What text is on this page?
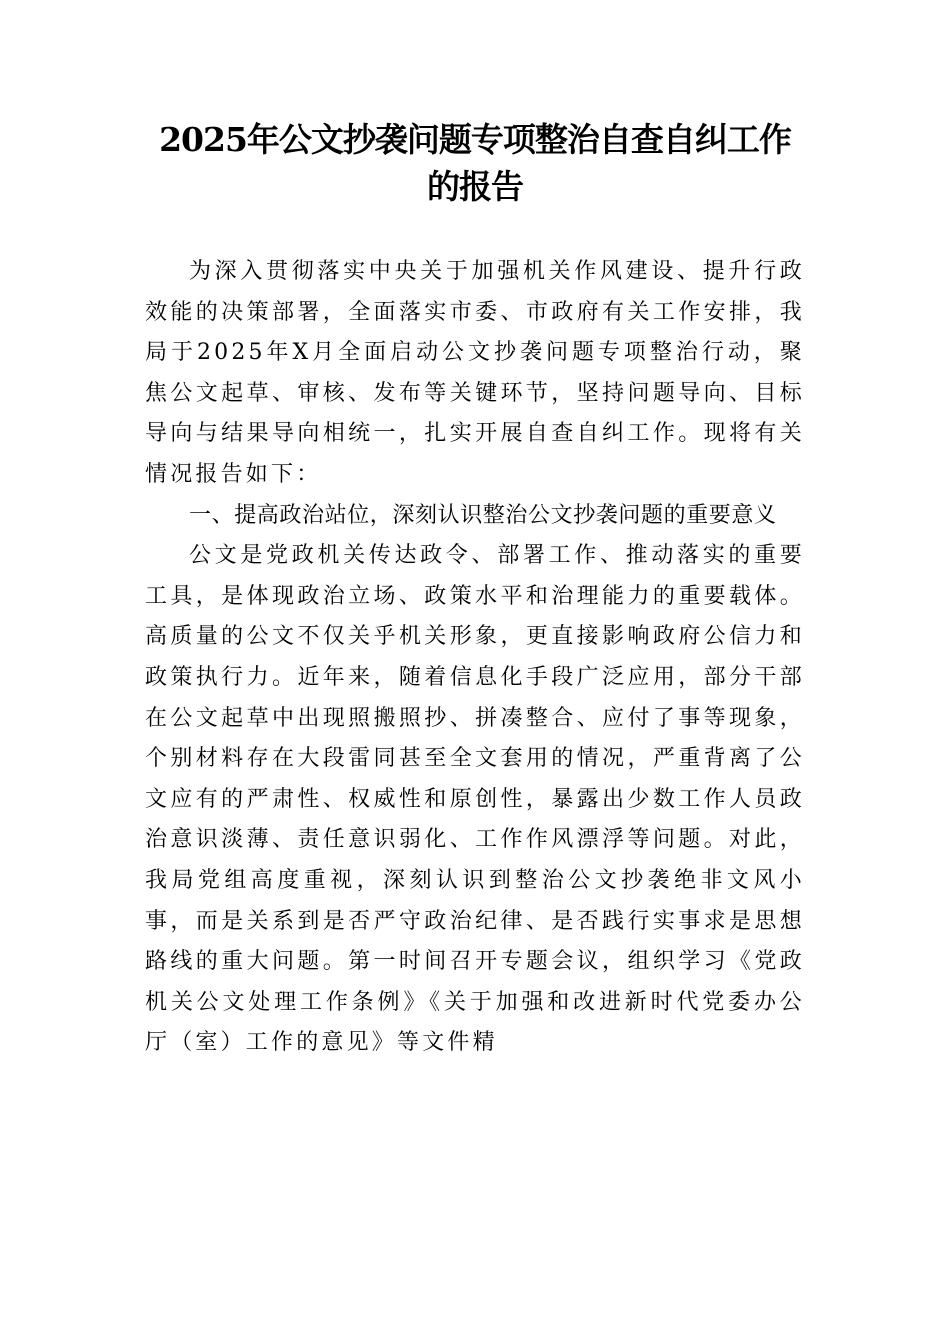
2025年公文抄袭问题专项整治自查自纠工作的报告

为深入贯彻落实中央关于加强机关作风建设、提升行政效能的决策部署，全面落实市委、市政府有关工作安排，我局于2025年X月全面启动公文抄袭问题专项整治行动，聚焦公文起草、审核、发布等关键环节，坚持问题导向、目标导向与结果导向相统一，扎实开展自查自纠工作。现将有关情况报告如下：

一、提高政治站位，深刻认识整治公文抄袭问题的重要意义

公文是党政机关传达政令、部署工作、推动落实的重要工具，是体现政治立场、政策水平和治理能力的重要载体。高质量的公文不仅关乎机关形象，更直接影响政府公信力和政策执行力。近年来，随着信息化手段广泛应用，部分干部在公文起草中出现照搬照抄、拼凑整合、应付了事等现象，个别材料存在大段雷同甚至全文套用的情况，严重背离了公文应有的严肃性、权威性和原创性，暴露出少数工作人员政治意识淡薄、责任意识弱化、工作作风漂浮等问题。对此，我局党组高度重视，深刻认识到整治公文抄袭绝非文风小事，而是关系到是否严守政治纪律、是否践行实事求是思想路线的重大问题。第一时间召开专题会议，组织学习《党政机关公文处理工作条例》《关于加强和改进新时代党委办公厅（室）工作的意见》等文件精
